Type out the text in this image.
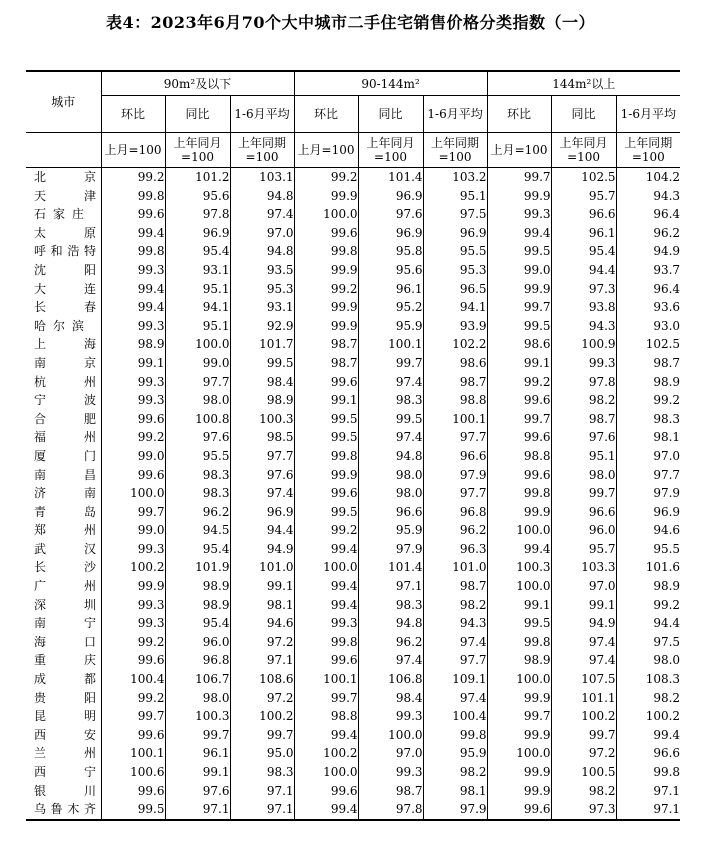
表4：2023年6月70个大中城市二手住宅销售价格分类指数（一）
城市	90m²及以下			90-144m²			144m²以上		
	环比	同比	1-6月平均	环比	同比	1-6月平均	环比	同比	1-6月平均
	上月=100	上年同月=100	上年同期=100	上月=100	上年同月=100	上年同期=100	上月=100	上年同月=100	上年同期=100
北京	99.2	101.2	103.1	99.2	101.4	103.2	99.7	102.5	104.2
天津	99.8	95.6	94.8	99.9	96.9	95.1	99.9	95.7	94.3
石家庄	99.6	97.8	97.4	100.0	97.6	97.5	99.3	96.6	96.4
太原	99.4	96.9	97.0	99.6	96.9	96.9	99.4	96.1	96.2
呼和浩特	99.8	95.4	94.8	99.8	95.8	95.5	99.5	95.4	94.9
沈阳	99.3	93.1	93.5	99.9	95.6	95.3	99.0	94.4	93.7
大连	99.4	95.1	95.3	99.2	96.1	96.5	99.9	97.3	96.4
长春	99.4	94.1	93.1	99.9	95.2	94.1	99.7	93.8	93.6
哈尔滨	99.3	95.1	92.9	99.9	95.9	93.9	99.5	94.3	93.0
上海	98.9	100.0	101.7	98.7	100.1	102.2	98.6	100.9	102.5
南京	99.1	99.0	99.5	98.7	99.7	98.6	99.1	99.3	98.7
杭州	99.3	97.7	98.4	99.6	97.4	98.7	99.2	97.8	98.9
宁波	99.3	98.0	98.9	99.1	98.3	98.8	99.6	98.2	99.2
合肥	99.6	100.8	100.3	99.5	99.5	100.1	99.7	98.7	98.3
福州	99.2	97.6	98.5	99.5	97.4	97.7	99.6	97.6	98.1
厦门	99.0	95.5	97.7	99.8	94.8	96.6	98.8	95.1	97.0
南昌	99.6	98.3	97.6	99.9	98.0	97.9	99.6	98.0	97.7
济南	100.0	98.3	97.4	99.6	98.0	97.7	99.8	99.7	97.9
青岛	99.7	96.2	96.9	99.5	96.6	96.8	99.9	96.6	96.9
郑州	99.0	94.5	94.4	99.2	95.9	96.2	100.0	96.0	94.6
武汉	99.3	95.4	94.9	99.4	97.9	96.3	99.4	95.7	95.5
长沙	100.2	101.9	101.0	100.0	101.4	101.0	100.3	103.3	101.6
广州	99.9	98.9	99.1	99.4	97.1	98.7	100.0	97.0	98.9
深圳	99.3	98.9	98.1	99.4	98.3	98.2	99.1	99.1	99.2
南宁	99.3	95.4	94.6	99.3	94.8	94.3	99.5	94.9	94.4
海口	99.2	96.0	97.2	99.8	96.2	97.4	99.8	97.4	97.5
重庆	99.6	96.8	97.1	99.6	97.4	97.7	98.9	97.4	98.0
成都	100.4	106.7	108.6	100.1	106.8	109.1	100.0	107.5	108.3
贵阳	99.2	98.0	97.2	99.7	98.4	97.4	99.9	101.1	98.2
昆明	99.7	100.3	100.2	98.8	99.3	100.4	99.7	100.2	100.2
西安	99.6	99.7	99.7	99.4	100.0	99.8	99.9	99.7	99.4
兰州	100.1	96.1	95.0	100.2	97.0	95.9	100.0	97.2	96.6
西宁	100.6	99.1	98.3	100.0	99.3	98.2	99.9	100.5	99.8
银川	99.6	97.6	97.1	99.6	98.7	98.1	99.9	98.2	97.1
乌鲁木齐	99.5	97.1	97.1	99.4	97.8	97.9	99.6	97.3	97.1
